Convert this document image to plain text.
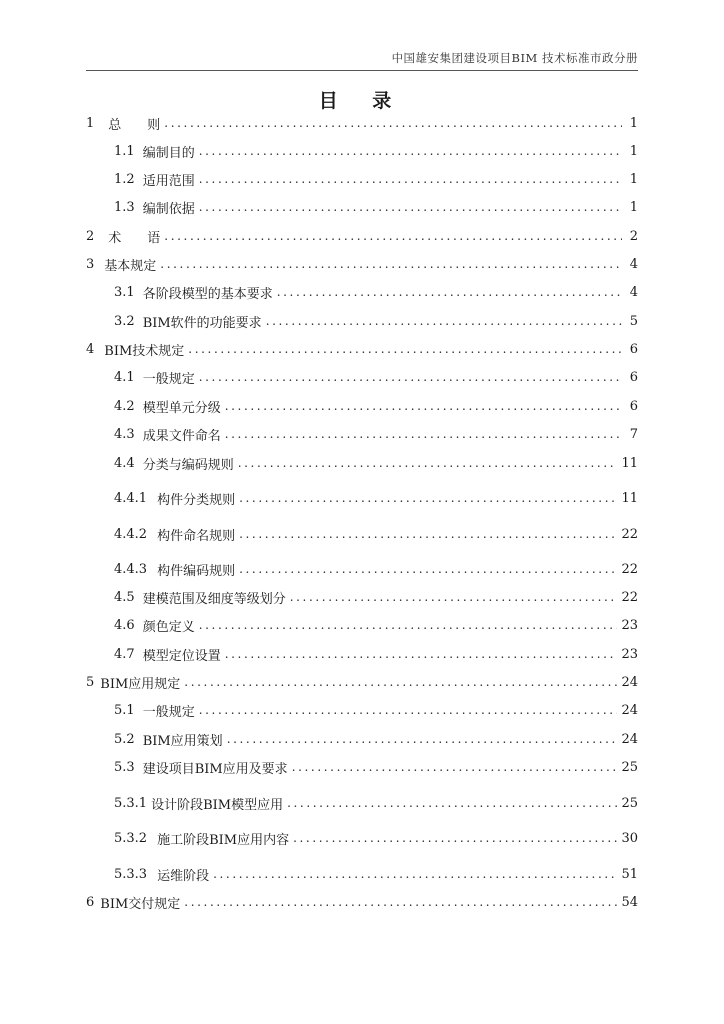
中国雄安集团建设项目BIM 技术标准市政分册
目 录
1 总　　则 .....	1
1.1 编制目的 .....	1
1.2 适用范围 .....	1
1.3 编制依据 .....	1
2 术　　语 .....	2
3 基本规定 .....	4
3.1 各阶段模型的基本要求 .....	4
3.2 BIM软件的功能要求 .....	5
4 BIM技术规定 .....	6
4.1 一般规定 .....	6
4.2 模型单元分级 .....	6
4.3 成果文件命名 .....	7
4.4 分类与编码规则 .....	11
4.4.1 构件分类规则 .....	11
4.4.2 构件命名规则 .....	22
4.4.3 构件编码规则 .....	22
4.5 建模范围及细度等级划分 .....	22
4.6 颜色定义 .....	23
4.7 模型定位设置 .....	23
5 BIM应用规定 .....	24
5.1 一般规定 .....	24
5.2 BIM应用策划 .....	24
5.3 建设项目BIM应用及要求 .....	25
5.3.1 设计阶段BIM模型应用 .....	25
5.3.2 施工阶段BIM应用内容 .....	30
5.3.3 运维阶段 .....	51
6 BIM交付规定 .....	54
